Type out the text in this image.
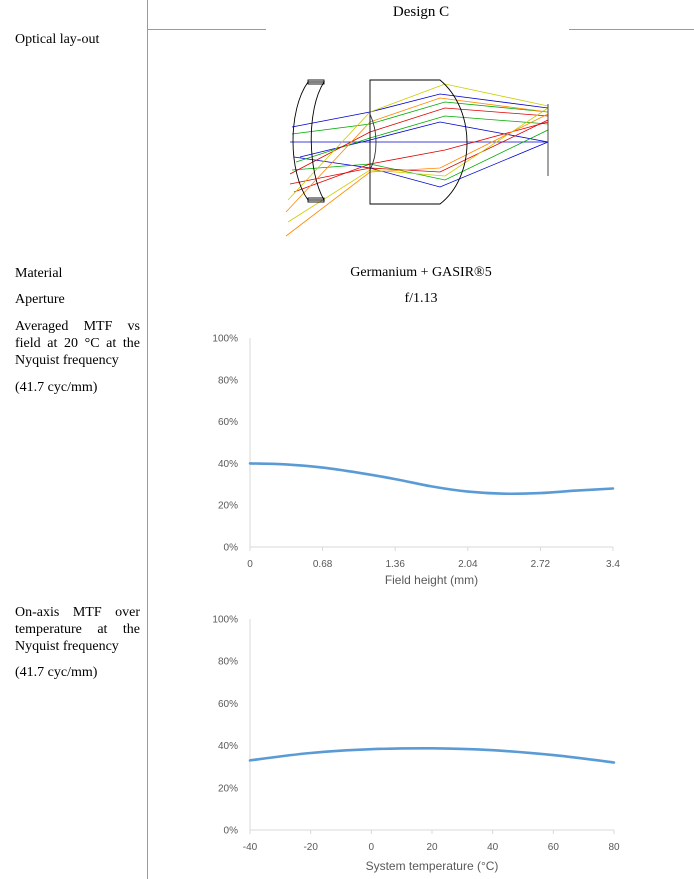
Design C
Optical lay-out
Material	Germanium + GASIR®5
Aperture	f/1.13
Averaged MTF vs
field at 20 °C at the
Nyquist frequency
(41.7 cyc/mm)
0%
20%
40%
60%
80%
100%
0	0.68	1.36	2.04	2.72	3.4
Field height (mm)
On-axis MTF over
temperature at the
Nyquist frequency
(41.7 cyc/mm)
0%
20%
40%
60%
80%
100%
-40	-20	0	20	40	60	80
System temperature (°C)
